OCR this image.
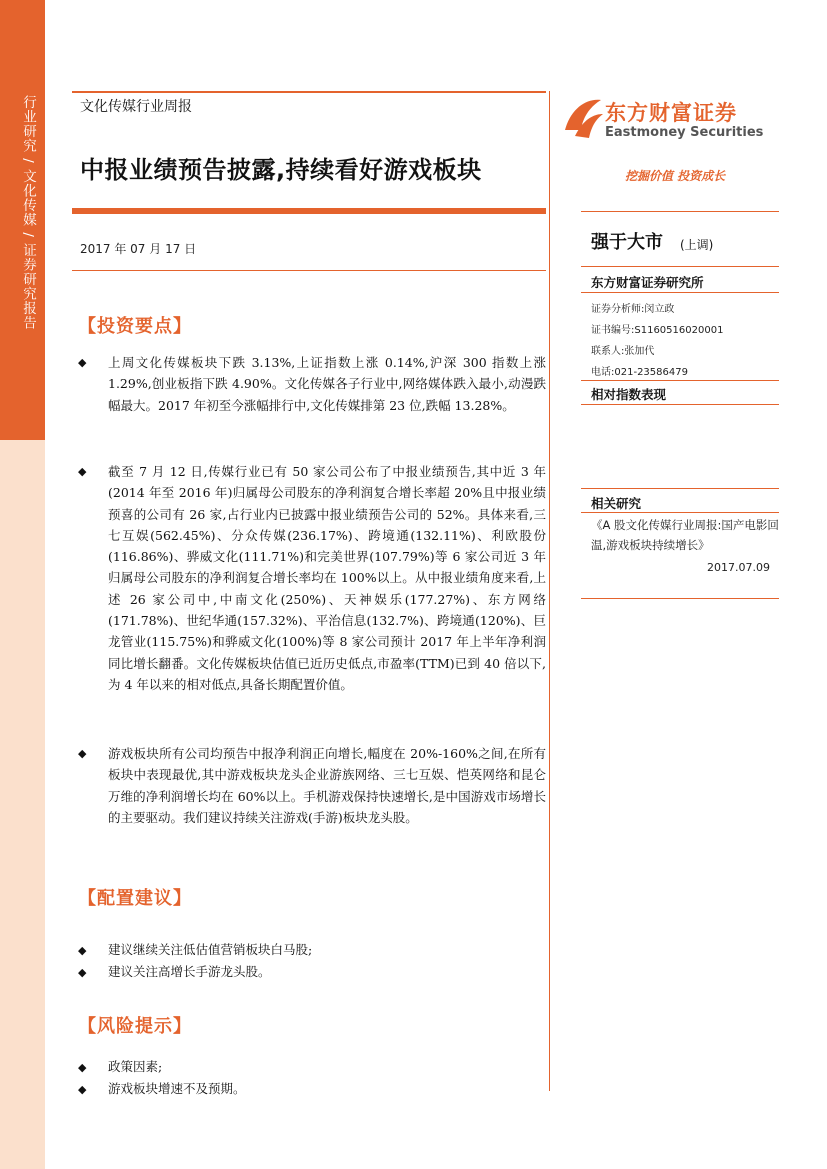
行业研究 / 文化传媒 / 证券研究报告	文化传媒行业周报
中报业绩预告披露,持续看好游戏板块
2017 年 07 月 17 日
【投资要点】
◆ 上周文化传媒板块下跌 3.13%,上证指数上涨 0.14%,沪深 300 指数上涨 1.29%,创业板指下跌 4.90%。文化传媒各子行业中,网络媒体跌入最小,动漫跌幅最大。2017 年初至今涨幅排行中,文化传媒排第 23 位,跌幅 13.28%。
◆ 截至 7 月 12 日,传媒行业已有 50 家公司公布了中报业绩预告,其中近 3 年(2014 年至 2016 年)归属母公司股东的净利润复合增长率超 20%且中报业绩预喜的公司有 26 家,占行业内已披露中报业绩预告公司的 52%。具体来看,三七互娱(562.45%)、分众传媒(236.17%)、跨境通(132.11%)、利欧股份(116.86%)、骅威文化(111.71%)和完美世界(107.79%)等 6 家公司近 3 年归属母公司股东的净利润复合增长率均在 100%以上。从中报业绩角度来看,上述 26 家公司中,中南文化(250%)、天神娱乐(177.27%)、东方网络(171.78%)、世纪华通(157.32%)、平治信息(132.7%)、跨境通(120%)、巨龙管业(115.75%)和骅威文化(100%)等 8 家公司预计 2017 年上半年净利润同比增长翻番。文化传媒板块估值已近历史低点,市盈率(TTM)已到 40 倍以下,为 4 年以来的相对低点,具备长期配置价值。
◆ 游戏板块所有公司均预告中报净利润正向增长,幅度在 20%-160%之间,在所有板块中表现最优,其中游戏板块龙头企业游族网络、三七互娱、恺英网络和昆仑万维的净利润增长均在 60%以上。手机游戏保持快速增长,是中国游戏市场增长的主要驱动。我们建议持续关注游戏(手游)板块龙头股。
【配置建议】
◆ 建议继续关注低估值营销板块白马股;
◆ 建议关注高增长手游龙头股。
【风险提示】
◆ 政策因素;
◆ 游戏板块增速不及预期。
东方财富证券
Eastmoney Securities
挖掘价值 投资成长
强于大市 (上调)
东方财富证券研究所
证券分析师:闵立政
证书编号:S1160516020001
联系人:张加代
电话:021-23586479
相对指数表现
相关研究
《A 股文化传媒行业周报:国产电影回温,游戏板块持续增长》
2017.07.09
